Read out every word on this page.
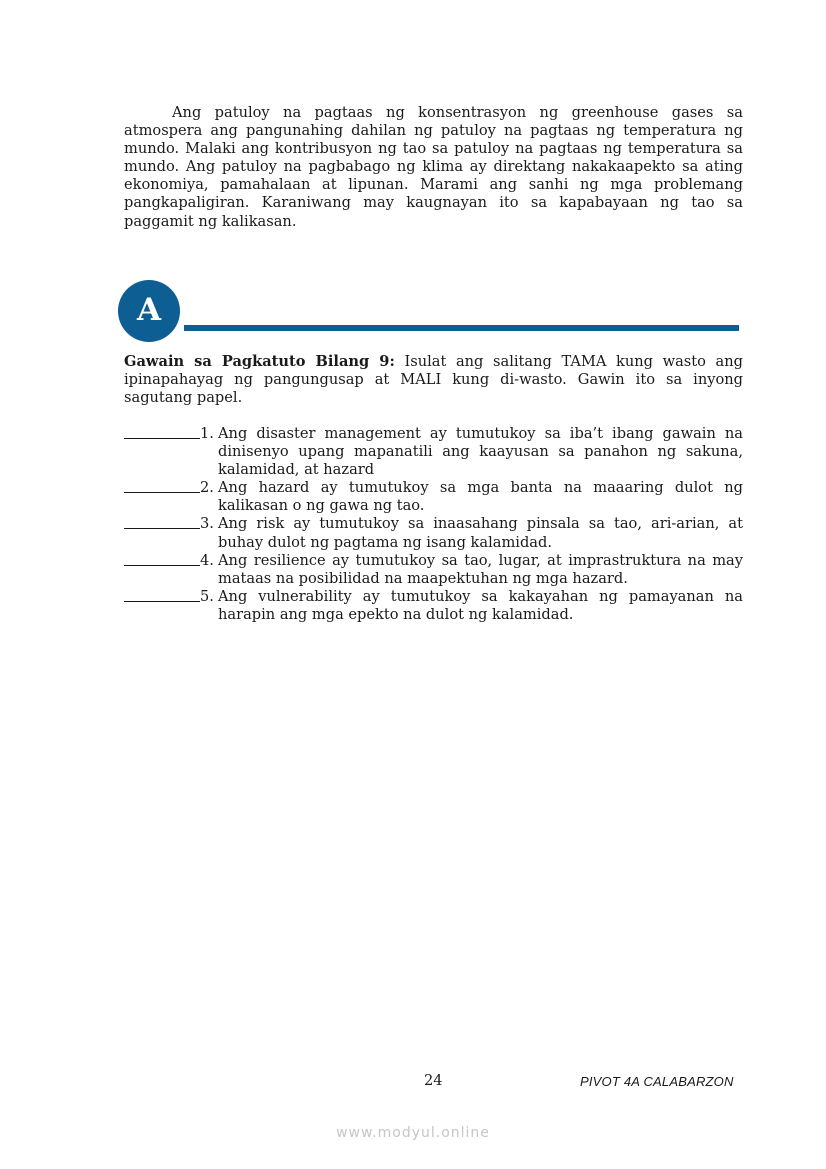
Ang patuloy na pagtaas ng konsentrasyon ng greenhouse gases sa atmospera ang pangunahing dahilan ng patuloy na pagtaas ng temperatura ng mundo. Malaki ang kontribusyon ng tao sa patuloy na pagtaas ng temperatura sa mundo. Ang patuloy na pagbabago ng klima ay direktang nakakaapekto sa ating ekonomiya, pamahalaan at lipunan. Marami ang sanhi ng mga problemang pangkapaligiran. Karaniwang may kaugnayan ito sa kapabayaan ng tao sa paggamit ng kalikasan.

A

Gawain sa Pagkatuto Bilang 9: Isulat ang salitang TAMA kung wasto ang ipinapahayag ng pangungusap at MALI kung di-wasto. Gawin ito sa inyong sagutang papel.

1. Ang disaster management ay tumutukoy sa iba’t ibang gawain na dinisenyo upang mapanatili ang kaayusan sa panahon ng sakuna, kalamidad, at hazard
2. Ang hazard ay tumutukoy sa mga banta na maaaring dulot ng kalikasan o ng gawa ng tao.
3. Ang risk ay tumutukoy sa inaasahang pinsala sa tao, ari-arian, at buhay dulot ng pagtama ng isang kalamidad.
4. Ang resilience ay tumutukoy sa tao, lugar, at imprastruktura na may mataas na posibilidad na maapektuhan ng mga hazard.
5. Ang vulnerability ay tumutukoy sa kakayahan ng pamayanan na harapin ang mga epekto na dulot ng kalamidad.
24	PIVOT 4A CALABARZON
www.modyul.online
